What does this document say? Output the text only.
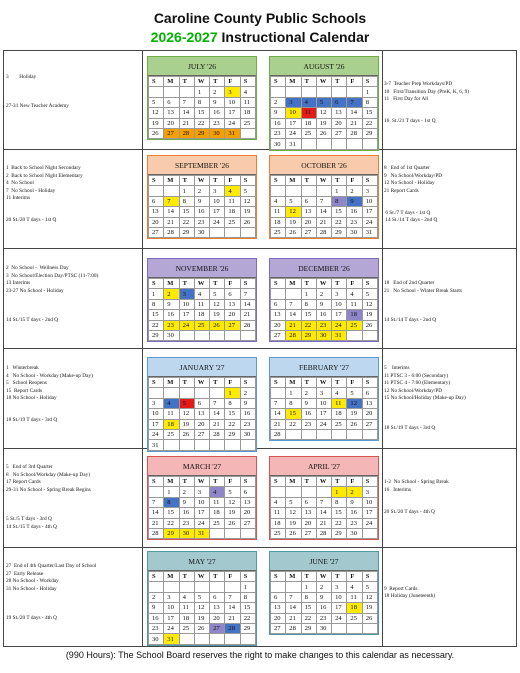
Caroline County Public Schools
2026-2027 Instructional Calendar

3        Holiday

27-31 New Teacher Academy

3-7  Teacher Prep Workdays/PD
10   First/Transition Day (PreK, K, 6, 9)
11   First Day for All

16  St./21 T days - 1st Q
JULY '26
S	M	T	W	T	F	S
			1	2	3	4
5	6	7	8	9	10	11
12	13	14	15	16	17	18
19	20	21	22	23	24	25
26	27	28	29	30	31	
AUGUST '26
S	M	T	W	T	F	S
						1
2	3	4	5	6	7	8
9	10	11	12	13	14	15
16	17	18	19	20	21	22
23	24	25	26	27	28	29
30	31					

1  Back to School Night Secondary
2  Back to School Night Elementary
4  No School
7  No School - Holiday
11 Interims

20 St./20 T days - 1st Q

8   End of 1st Quarter
9   No School/Workday/PD
12 No School - Holiday
21 Report Cards

6 St./7 T days - 1st Q
14 St./14 T days - 2nd Q
SEPTEMBER '26
S	M	T	W	T	F	S
		1	2	3	4	5
6	7	8	9	10	11	12
13	14	15	16	17	18	19
20	21	22	23	24	25	26
27	28	29	30			
OCTOBER '26
S	M	T	W	T	F	S
				1	2	3
4	5	6	7	8	9	10
11	12	13	14	15	16	17
18	19	20	21	22	23	24
25	26	27	28	29	30	31

2  No School -  Wellness Day
3  No School/Election Day/PTSC (11-7:00)
13 Interims
23-27 No School - Holiday

14 St./15 T days - 2nd Q

18   End of 2nd Quarter
21   No School - Winter Break Starts

14 St./14 T days - 2nd Q
NOVEMBER '26
S	M	T	W	T	F	S
1	2	3	4	5	6	7
8	9	10	11	12	13	14
15	16	17	18	19	20	21
22	23	24	25	26	27	28
29	30					
DECEMBER '26
S	M	T	W	T	F	S
		1	2	3	4	5
6	7	8	9	10	11	12
13	14	15	16	17	18	19
20	21	22	23	24	25	26
27	28	29	30	31		

1   Winterbreak
4   No School - Workday (Make-up Day)
5   School Reopens
15  Report Cards
18 No School - Holiday

18 St./19 T days - 3rd Q

5    Interims
11 PTSC 3 - 6:00 (Secondary)
11 PTSC 4 - 7:00 (Elementary)
12 No School/Workday/PD
15 No School/Holiday (Make-up Day)

18 St./19 T days - 3rd Q
JANUARY '27
S	M	T	W	T	F	S
					1	2
3	4	5	6	7	8	9
10	11	12	13	14	15	16
17	18	19	20	21	22	23
24	25	26	27	28	29	30
31						
FEBRUARY '27
S	M	T	W	T	F	S
	1	2	3	4	5	6
7	8	9	10	11	12	13
14	15	16	17	18	19	20
21	22	23	24	25	26	27
28						

5   End of 3rd Quarter
8   No School/Workday (Make-up Day)
17 Report Cards
29-31 No School - Spring Break Begins

5 St./5 T days - 3rd Q
14 St./15 T days - 4th Q

1-2  No School - Spring Break
16   Interims

20 St./20 T days - 4th Q
MARCH '27
S	M	T	W	T	F	S
	1	2	3	4	5	6
7	8	9	10	11	12	13
14	15	16	17	18	19	20
21	22	23	24	25	26	27
28	29	30	31			
APRIL '27
S	M	T	W	T	F	S
				1	2	3
4	5	6	7	8	9	10
11	12	13	14	15	16	17
18	19	20	21	22	23	24
25	26	27	28	29	30	

27  End of 4th Quarter/Last Day of School
27  Early Release
28 No School - Workday
31 No School - Holiday

19 St./20 T days - 4th Q

9  Report Cards
18 Holiday (Juneteenth)
MAY '27
S	M	T	W	T	F	S
						1
2	3	4	5	6	7	8
9	10	11	12	13	14	15
16	17	18	19	20	21	22
23	24	25	26	27	28	29
30	31					
JUNE '27
S	M	T	W	T	F	S
		1	2	3	4	5
6	7	8	9	10	11	12
13	14	15	16	17	18	19
20	21	22	23	24	25	26
27	28	29	30			
(990 Hours): The School Board reserves the right to make changes to this calendar as necessary.
